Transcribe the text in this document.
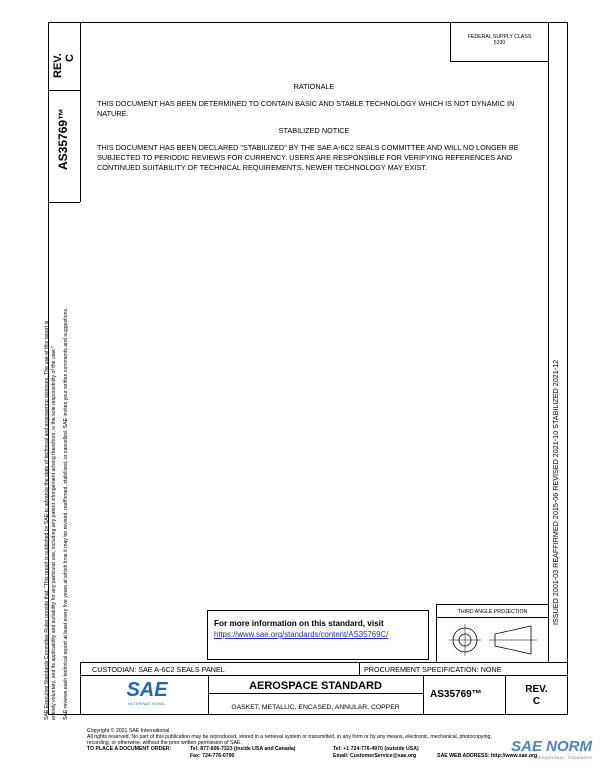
SAE Executive Standards Committee Rules provide that: “This report is published by SAE to advance the state of technical and engineering sciences. The use of this report is entirely voluntary, and its applicability and suitability for any particular use, including any patent infringement arising therefrom, is the sole responsibility of the user.” SAE reviews each technical report at least every five years at which time it may be revised, reaffirmed, stabilized, or cancelled. SAE invites your written comments and suggestions.
REV. C
AS35769™
FEDERAL SUPPLY CLASS
5330
ISSUED 2001-03 REAFFIRMED 2015-06 REVISED 2021-10 STABILIZED 2021-12
RATIONALE
THIS DOCUMENT HAS BEEN DETERMINED TO CONTAIN BASIC AND STABLE TECHNOLOGY WHICH IS NOT DYNAMIC IN NATURE.
STABILIZED NOTICE
THIS DOCUMENT HAS BEEN DECLARED "STABILIZED" BY THE SAE A-6C2 SEALS COMMITTEE AND WILL NO LONGER BE SUBJECTED TO PERIODIC REVIEWS FOR CURRENCY. USERS ARE RESPONSIBLE FOR VERIFYING REFERENCES AND CONTINUED SUITABILITY OF TECHNICAL REQUIREMENTS. NEWER TECHNOLOGY MAY EXIST.
For more information on this standard, visit
https://www.sae.org/standards/content/AS35769C/
THIRD ANGLE PROJECTION
CUSTODIAN: SAE A-6C2 SEALS PANEL	PROCUREMENT SPECIFICATION: NONE
SAE
INTERNATIONAL
AEROSPACE STANDARD
GASKET, METALLIC, ENCASED, ANNULAR, COPPER
AS35769™	REV.
C
Copyright © 2021 SAE International
All rights reserved. No part of this publication may be reproduced, stored in a retrieval system or transmitted, in any form or by any means, electronic, mechanical, photocopying,
recording, or otherwise, without the prior written permission of SAE.
TO PLACE A DOCUMENT ORDER:	Tel: 877-606-7323 (inside USA and Canada)
Fax: 724-776-0790
Tel: +1 724-776-4970 (outside USA)
Email: CustomerService@sae.org	SAE WEB ADDRESS: http://www.sae.org
SAE NORM
INTERNATIONAL · STANDARDS
